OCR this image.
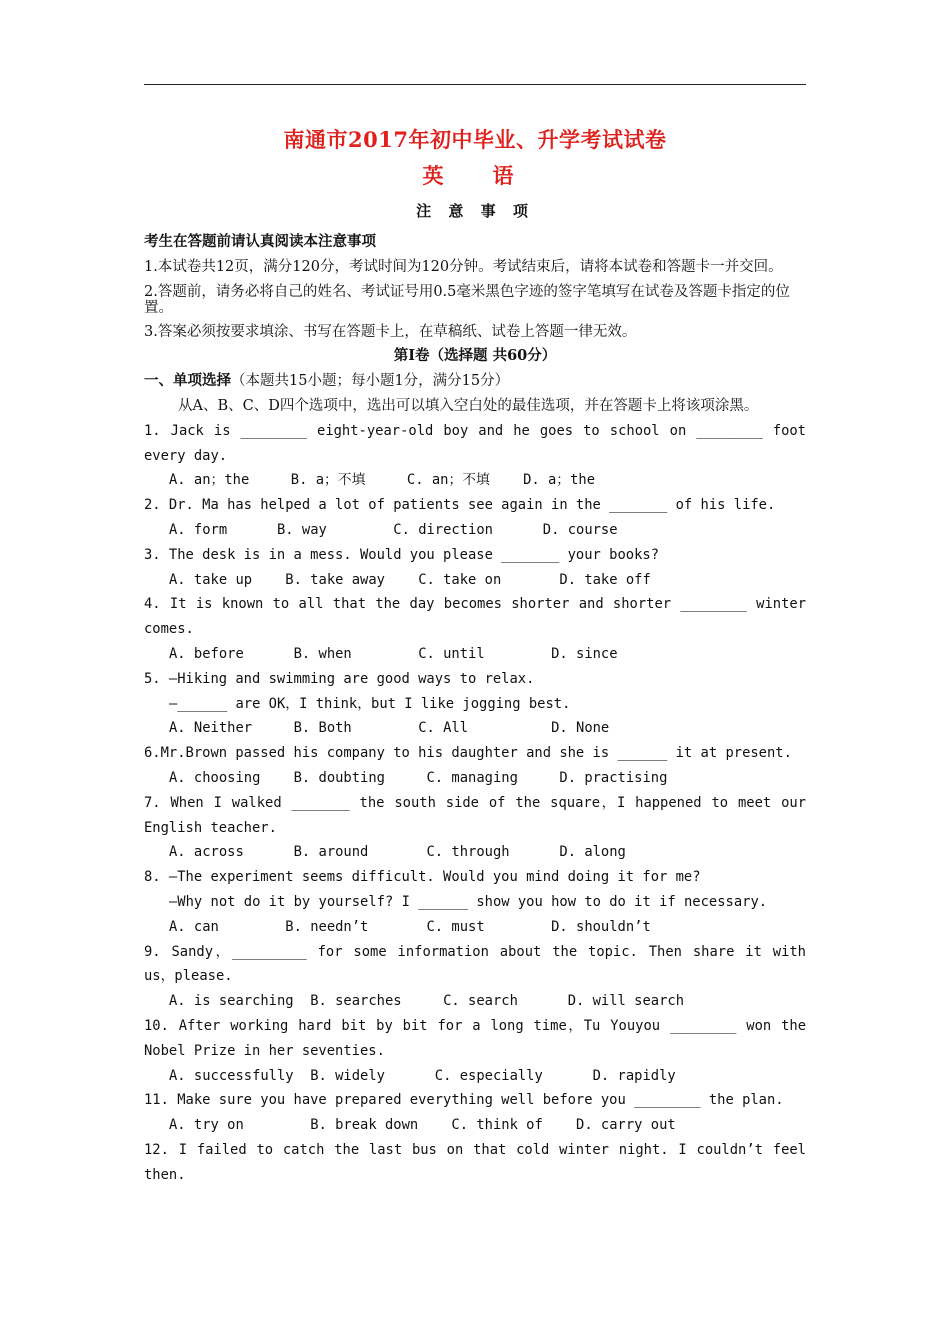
南通市2017年初中毕业、升学考试试卷
英　语
注 意 事 项
考生在答题前请认真阅读本注意事项
1.本试卷共12页，满分120分，考试时间为120分钟。考试结束后，请将本试卷和答题卡一并交回。
2.答题前，请务必将自己的姓名、考试证号用0.5毫米黑色字迹的签字笔填写在试卷及答题卡指定的位置。
3.答案必须按要求填涂、书写在答题卡上，在草稿纸、试卷上答题一律无效。
第Ⅰ卷（选择题 共60分）
一、单项选择（本题共15小题；每小题1分，满分15分）
从A、B、C、D四个选项中，选出可以填入空白处的最佳选项，并在答题卡上将该项涂黑。
1. Jack is ________ eight-year-old boy and he goes to school on ________ foot every day.
A. an；the     B. a；不填     C. an；不填    D. a；the
2. Dr. Ma has helped a lot of patients see again in the _______ of his life.
A. form      B. way        C. direction      D. course
3. The desk is in a mess. Would you please _______ your books?
A. take up    B. take away    C. take on       D. take off
4. It is known to all that the day becomes shorter and shorter ________ winter comes.
A. before      B. when        C. until        D. since
5. —Hiking and swimming are good ways to relax.
—______ are OK，I think，but I like jogging best.
A. Neither     B. Both        C. All          D. None
6.Mr.Brown passed his company to his daughter and she is ______ it at present.
A. choosing    B. doubting     C. managing     D. practising
7. When I walked _______ the south side of the square，I happened to meet our English teacher.
A. across      B. around       C. through      D. along
8. —The experiment seems difficult. Would you mind doing it for me?
—Why not do it by yourself? I ______ show you how to do it if necessary.
A. can        B. needn’t       C. must        D. shouldn’t
9. Sandy，_________ for some information about the topic. Then share it with us，please.
A. is searching  B. searches     C. search      D. will search
10. After working hard bit by bit for a long time，Tu Youyou ________ won the Nobel Prize in her seventies.
A. successfully  B. widely      C. especially      D. rapidly
11. Make sure you have prepared everything well before you ________ the plan.
A. try on        B. break down    C. think of    D. carry out
12. I failed to catch the last bus on that cold winter night. I couldn’t feel then.
